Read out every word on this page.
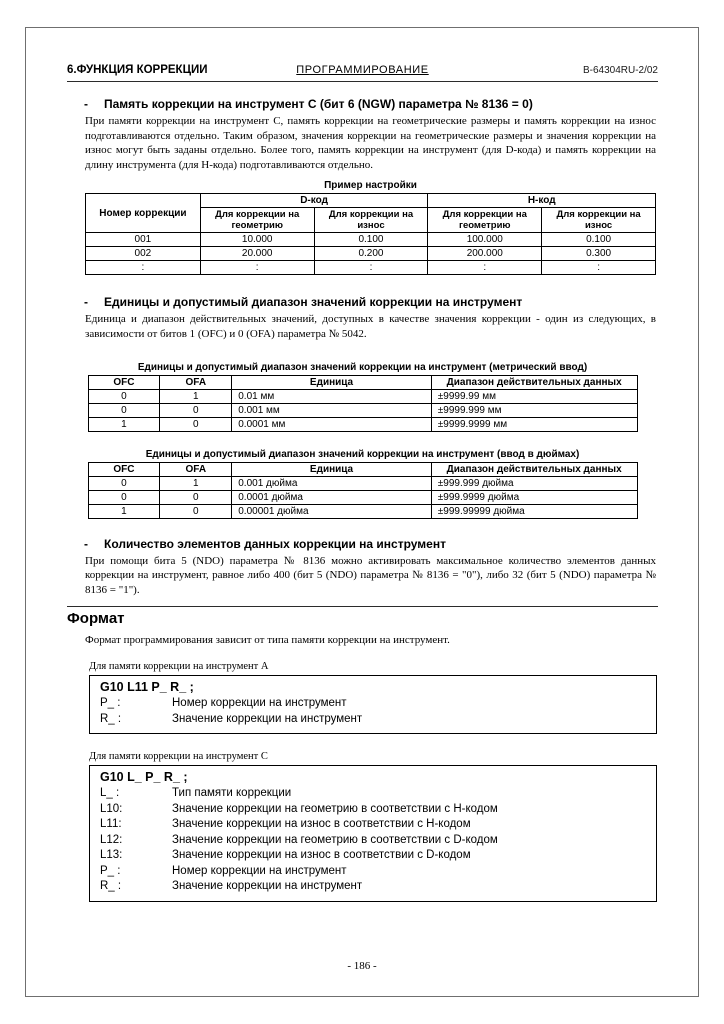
6.ФУНКЦИЯ КОРРЕКЦИИ	ПРОГРАММИРОВАНИЕ	B-64304RU-2/02
-	Память коррекции на инструмент C (бит 6 (NGW) параметра № 8136 = 0)
При памяти коррекции на инструмент C, память коррекции на геометрические размеры и память коррекции на износ подготавливаются отдельно. Таким образом, значения коррекции на геометрические размеры и значения коррекции на износ могут быть заданы отдельно. Более того, память коррекции на инструмент (для D-кода) и память коррекции на длину инструмента (для H-кода) подготавливаются отдельно.
Пример настройки
Номер коррекции	D-код		H-код	
	Для коррекции на геометрию	Для коррекции на износ	Для коррекции на геометрию	Для коррекции на износ
001	10.000	0.100	100.000	0.100
002	20.000	0.200	200.000	0.300
:	:	:	:	:
-	Единицы и допустимый диапазон значений коррекции на инструмент
Единица и диапазон действительных значений, доступных в качестве значения коррекции - один из следующих, в зависимости от битов 1 (OFC) и 0 (OFA) параметра № 5042.
Единицы и допустимый диапазон значений коррекции на инструмент (метрический ввод)
OFC	OFA	Единица	Диапазон действительных данных
0	1	0.01 мм	±9999.99 мм
0	0	0.001 мм	±9999.999 мм
1	0	0.0001 мм	±9999.9999 мм
Единицы и допустимый диапазон значений коррекции на инструмент (ввод в дюймах)
OFC	OFA	Единица	Диапазон действительных данных
0	1	0.001 дюйма	±999.999 дюйма
0	0	0.0001 дюйма	±999.9999 дюйма
1	0	0.00001 дюйма	±999.99999 дюйма
-	Количество элементов данных коррекции на инструмент
При помощи бита 5 (NDO) параметра № 8136 можно активировать максимальное количество элементов данных коррекции на инструмент, равное либо 400 (бит 5 (NDO) параметра № 8136 = "0"), либо 32 (бит 5 (NDO) параметра № 8136 = "1").
Формат
Формат программирования зависит от типа памяти коррекции на инструмент.
Для памяти коррекции на инструмент A
G10 L11 P_ R_ ;
P_ :	Номер коррекции на инструмент
R_ :	Значение коррекции на инструмент
Для памяти коррекции на инструмент C
G10 L_ P_ R_ ;
L_ :	Тип памяти коррекции
L10:	Значение коррекции на геометрию в соответствии с H-кодом
L11:	Значение коррекции на износ в соответствии с H-кодом
L12:	Значение коррекции на геометрию в соответствии с D-кодом
L13:	Значение коррекции на износ в соответствии с D-кодом
P_ :	Номер коррекции на инструмент
R_ :	Значение коррекции на инструмент
- 186 -
